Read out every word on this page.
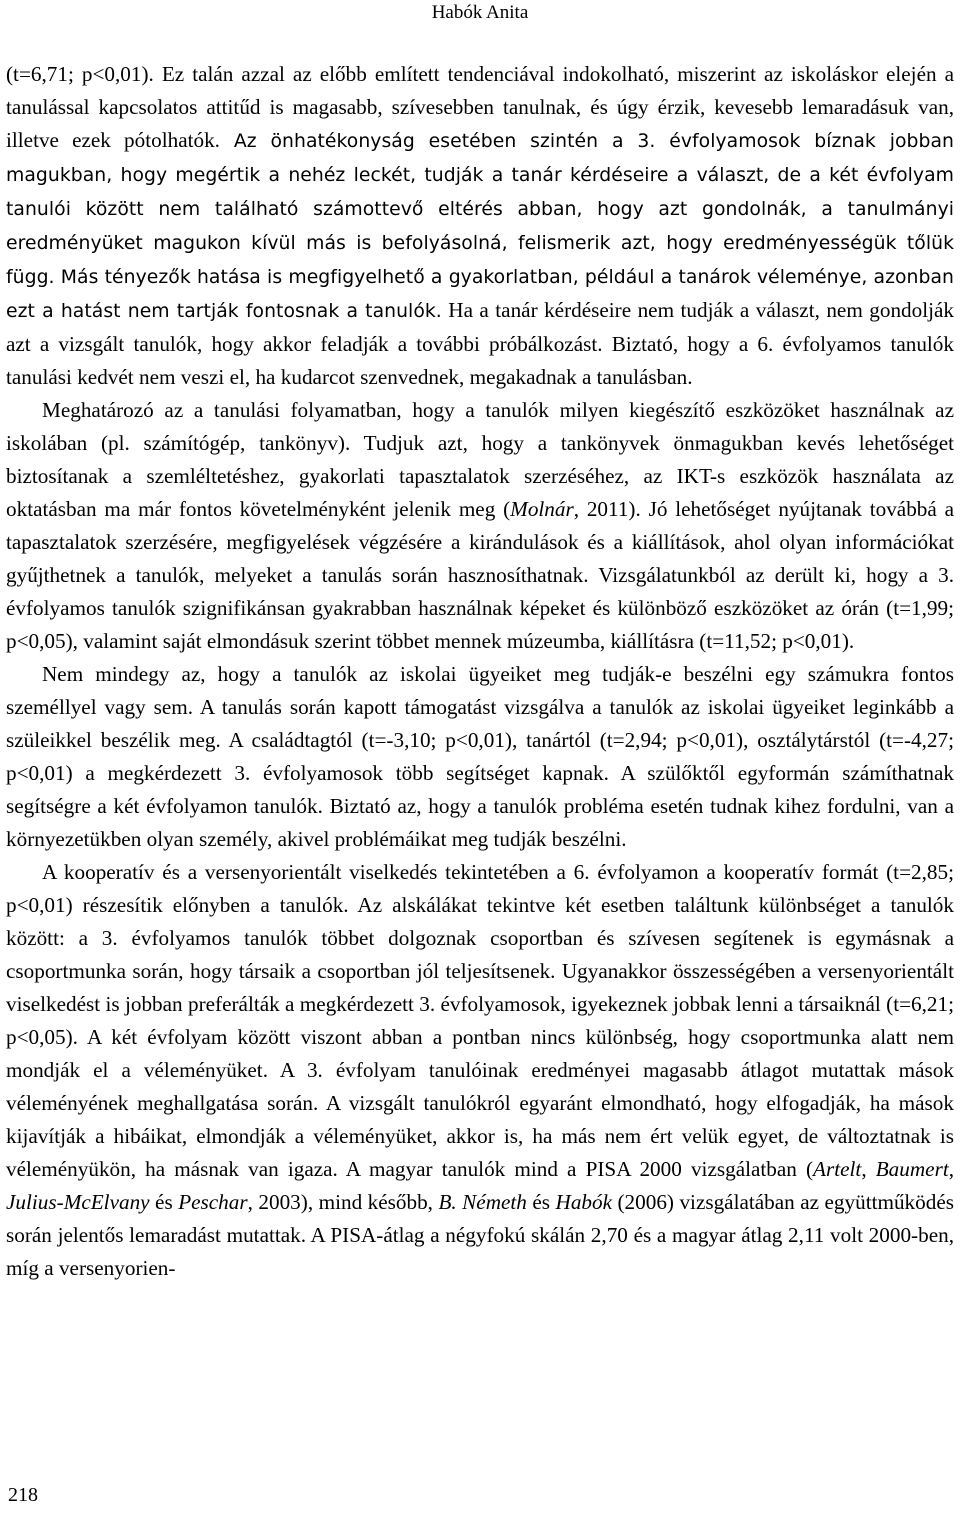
Habók Anita

(t=6,71; p<0,01). Ez talán azzal az előbb említett tendenciával indokolható, miszerint az iskoláskor elején a tanulással kapcsolatos attitűd is magasabb, szívesebben tanulnak, és úgy érzik, kevesebb lemaradásuk van, illetve ezek pótolhatók. Az önhatékonyság esetében szintén a 3. évfolyamosok bíznak jobban magukban, hogy megértik a nehéz leckét, tudják a tanár kérdéseire a választ, de a két évfolyam tanulói között nem található számottevő eltérés abban, hogy azt gondolnák, a tanulmányi eredményüket magukon kívül más is befolyásolná, felismerik azt, hogy eredményességük tőlük függ. Más tényezők hatása is megfigyelhető a gyakorlatban, például a tanárok véleménye, azonban ezt a hatást nem tartják fontosnak a tanulók. Ha a tanár kérdéseire nem tudják a választ, nem gondolják azt a vizsgált tanulók, hogy akkor feladják a további próbálkozást. Biztató, hogy a 6. évfolyamos tanulók tanulási kedvét nem veszi el, ha kudarcot szenvednek, megakadnak a tanulásban.

Meghatározó az a tanulási folyamatban, hogy a tanulók milyen kiegészítő eszközöket használnak az iskolában (pl. számítógép, tankönyv). Tudjuk azt, hogy a tankönyvek önmagukban kevés lehetőséget biztosítanak a szemléltetéshez, gyakorlati tapasztalatok szerzéséhez, az IKT-s eszközök használata az oktatásban ma már fontos követelményként jelenik meg (Molnár, 2011). Jó lehetőséget nyújtanak továbbá a tapasztalatok szerzésére, megfigyelések végzésére a kirándulások és a kiállítások, ahol olyan információkat gyűjthetnek a tanulók, melyeket a tanulás során hasznosíthatnak. Vizsgálatunkból az derült ki, hogy a 3. évfolyamos tanulók szignifikánsan gyakrabban használnak képeket és különböző eszközöket az órán (t=1,99; p<0,05), valamint saját elmondásuk szerint többet mennek múzeumba, kiállításra (t=11,52; p<0,01).

Nem mindegy az, hogy a tanulók az iskolai ügyeiket meg tudják-e beszélni egy számukra fontos személlyel vagy sem. A tanulás során kapott támogatást vizsgálva a tanulók az iskolai ügyeiket leginkább a szüleikkel beszélik meg. A családtagtól (t=-3,10; p<0,01), tanártól (t=2,94; p<0,01), osztálytárstól (t=-4,27; p<0,01) a megkérdezett 3. évfolyamosok több segítséget kapnak. A szülőktől egyformán számíthatnak segítségre a két évfolyamon tanulók. Biztató az, hogy a tanulók probléma esetén tudnak kihez fordulni, van a környezetükben olyan személy, akivel problémáikat meg tudják beszélni.

A kooperatív és a versenyorientált viselkedés tekintetében a 6. évfolyamon a kooperatív formát (t=2,85; p<0,01) részesítik előnyben a tanulók. Az alskálákat tekintve két esetben találtunk különbséget a tanulók között: a 3. évfolyamos tanulók többet dolgoznak csoportban és szívesen segítenek is egymásnak a csoportmunka során, hogy társaik a csoportban jól teljesítsenek. Ugyanakkor összességében a versenyorientált viselkedést is jobban preferálták a megkérdezett 3. évfolyamosok, igyekeznek jobbak lenni a társaiknál (t=6,21; p<0,05). A két évfolyam között viszont abban a pontban nincs különbség, hogy csoportmunka alatt nem mondják el a véleményüket. A 3. évfolyam tanulóinak eredményei magasabb átlagot mutattak mások véleményének meghallgatása során. A vizsgált tanulókról egyaránt elmondható, hogy elfogadják, ha mások kijavítják a hibáikat, elmondják a véleményüket, akkor is, ha más nem ért velük egyet, de változtatnak is véleményükön, ha másnak van igaza. A magyar tanulók mind a PISA 2000 vizsgálatban (Artelt, Baumert, Julius-McElvany és Peschar, 2003), mind később, B. Németh és Habók (2006) vizsgálatában az együttműködés során jelentős lemaradást mutattak. A PISA-átlag a négyfokú skálán 2,70 és a magyar átlag 2,11 volt 2000-ben, míg a versenyorien-

218
